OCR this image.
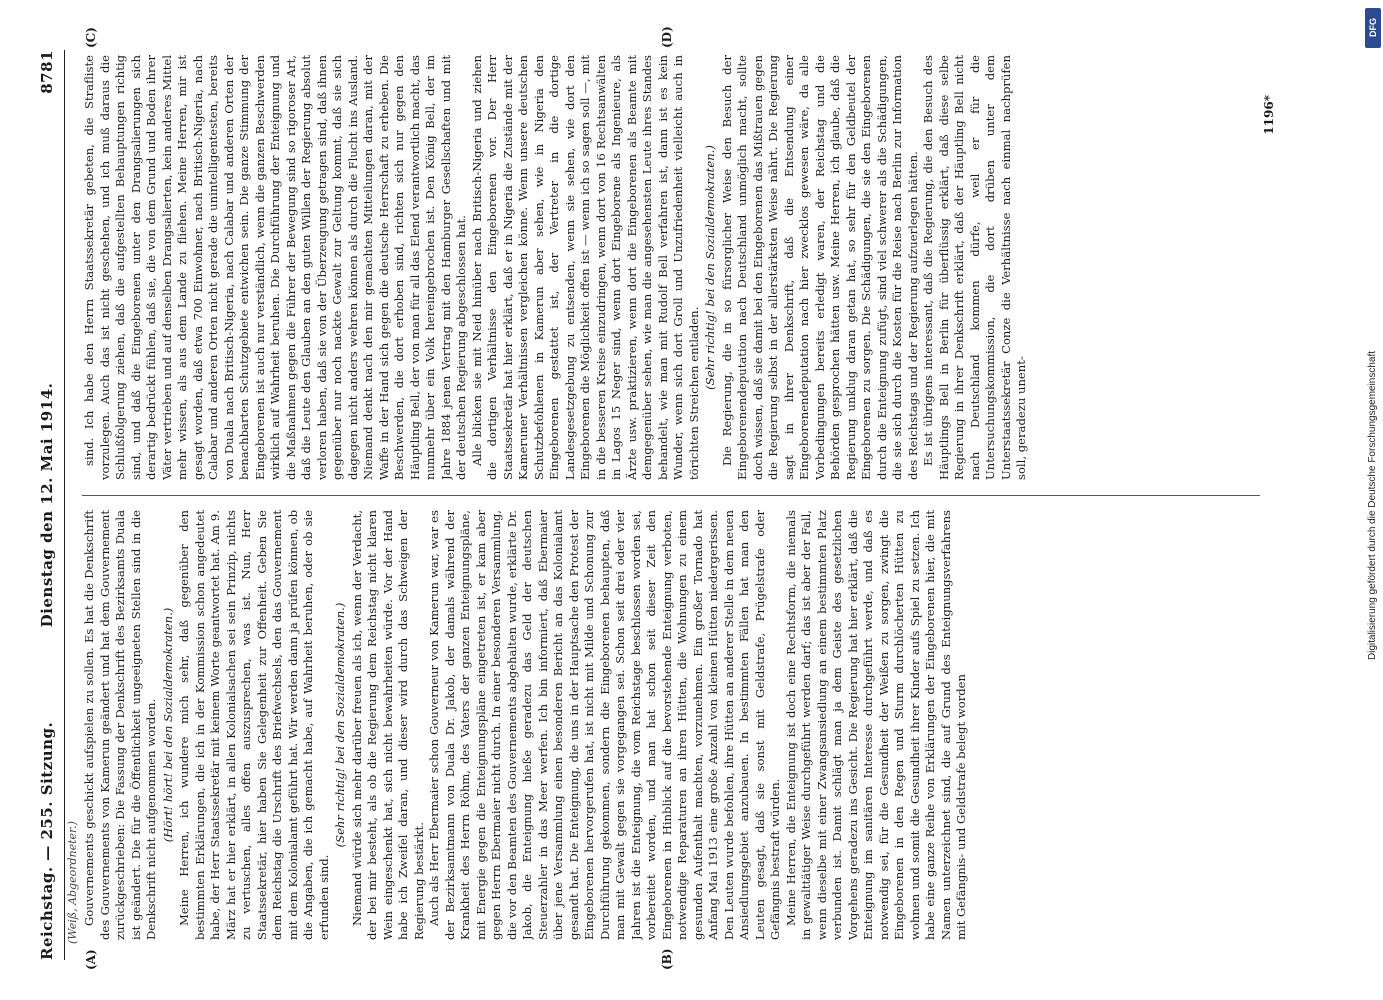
Reichstag. — 255. Sitzung.
Dienstag den 12. Mai 1914.
8781
(Weiß, Abgeordneter.)
(A)	(B)
(C)	(D)

Gouvernements geschickt aufspielen zu sollen. Es hat die Denkschrift des Gouvernements von Kamerun geändert und hat dem Gouvernement zurückgeschrieben: Die Fassung der Denkschrift des Bezirksamts Duala ist geändert. Die für die Öffentlichkeit ungeeigneten Stellen sind in die Denkschrift nicht aufgenommen worden. (Hört! hört! bei den Sozialdemokraten.) Meine Herren, ich wundere mich sehr, daß gegenüber den bestimmten Erklärungen, die ich in der Kommission schon angedeutet habe, der Herr Staatssekretär mit keinem Worte geantwortet hat. Am 9. März hat er hier erklärt, in allen Kolonialsachen sei sein Prinzip, nichts zu vertuschen, alles offen auszusprechen, was ist. Nun, Herr Staatssekretär, hier haben Sie Gelegenheit zur Offenheit. Geben Sie dem Reichstag die Urschrift des Briefwechsels, den das Gouvernement mit dem Kolonialamt geführt hat. Wir werden dann ja prüfen können, ob die Angaben, die ich gemacht habe, auf Wahrheit beruhen, oder ob sie erfunden sind.

(Sehr richtig! bei den Sozialdemokraten.) Niemand würde sich mehr darüber freuen als ich, wenn der Verdacht, der bei mir besteht, als ob die Regierung dem Reichstag nicht klaren Wein eingeschenkt hat, sich nicht bewahrheiten würde. Vor der Hand habe ich Zweifel daran, und dieser wird durch das Schweigen der Regierung bestärkt. Auch als Herr Ebermaier schon Gouverneur von Kamerun war, war es der Bezirksamtmann von Duala Dr. Jakob, der damals während der Krankheit des Herrn Röhm, des Vaters der ganzen Enteignungspläne, mit Energie gegen die Enteignungspläne eingetreten ist, er kam aber gegen Herrn Ebermaier nicht durch. In einer besonderen Versammlung, die vor den Beamten des Gouvernements abgehalten wurde, erklärte Dr. Jakob, die Enteignung hieße geradezu das Geld der deutschen Steuerzahler in das Meer werfen. Ich bin informiert, daß Ebermaier über jene Versammlung einen besonderen Bericht an das Kolonialamt gesandt hat. Die Enteignung, die uns in der Hauptsache den Protest der Eingeborenen hervorgerufen hat, ist nicht mit Milde und Schonung zur Durchführung gekommen, sondern die Eingeborenen behaupten, daß man mit Gewalt gegen sie vorgegangen sei. Schon seit drei oder vier Jahren ist die Enteignung, die vom Reichstage beschlossen worden sei, vorbereitet worden, und man hat schon seit dieser Zeit den Eingeborenen in Hinblick auf die bevorstehende Enteignung verboten, notwendige Reparaturen an ihren Hütten, die Wohnungen zu einem gesunden Aufenthalt machten, vorzunehmen. Ein großer Tornado hat Anfang Mai 1913 eine große Anzahl von kleinen Hütten niedergerissen. Den Leuten wurde befohlen, ihre Hütten an anderer Stelle in dem neuen Ansiedlungsgebiet anzubauen. In bestimmten Fällen hat man den Leuten gesagt, daß sie sonst mit Geldstrafe, Prügelstrafe oder Gefängnis bestraft würden. Meine Herren, die Enteignung ist doch eine Rechtsform, die niemals in gewalttätiger Weise durchgeführt werden darf; das ist aber der Fall, wenn dieselbe mit einer Zwangsansiedlung an einem bestimmten Platz verbunden ist. Damit schlägt man ja dem Geiste des gesetzlichen Vorgehens geradezu ins Gesicht. Die Regierung hat hier erklärt, daß die Enteignung im sanitären Interesse durchgeführt werde, und daß es notwendig sei, für die Gesundheit der Weißen zu sorgen, zwingt die Eingeborenen in den Regen und Sturm durchlöcherten Hütten zu wohnen und somit die Gesundheit ihrer Kinder aufs Spiel zu setzen. Ich habe eine ganze Reihe von Erklärungen der Eingeborenen hier, die mit Namen unterzeichnet sind, die auf Grund des Enteignungsverfahrens mit Gefängnis- und Geldstrafe belegt worden

sind. Ich habe den Herrn Staatssekretär gebeten, die Strafliste vorzulegen. Auch das ist nicht geschehen, und ich muß daraus die Schlußfolgerung ziehen, daß die aufgestellten Behauptungen richtig sind, und daß die Eingeborenen unter den Drangsalierungen sich derartig bedrückt fühlen, daß sie, die von dem Grund und Boden ihrer Väter vertrieben und auf denselben Drangsalierten, kein anderes Mittel mehr wissen, als aus dem Lande zu fliehen. Meine Herren, mir ist gesagt worden, daß etwa 700 Einwohner, nach Britisch-Nigeria, nach Calabar und anderen Orten nicht gerade die unintelligentesten, bereits von Duala nach Britisch-Nigeria, nach Calabar und anderen Orten der benachbarten Schutzgebiete entwichen sein. Die ganze Stimmung der Eingeborenen ist auch nur verständlich, wenn die ganzen Beschwerden wirklich auf Wahrheit beruhen. Die Durchführung der Enteignung und die Maßnahmen gegen die Führer der Bewegung sind so rigoroser Art, daß die Leute den Glauben an den guten Willen der Regierung absolut verloren haben, daß sie von der Überzeugung getragen sind, daß ihnen gegenüber nur noch nackte Gewalt zur Geltung kommt, daß sie sich dagegen nicht anders wehren können als durch die Flucht ins Ausland. Niemand denkt nach den mir gemachten Mitteilungen daran, mit der Waffe in der Hand sich gegen die deutsche Herrschaft zu erheben. Die Beschwerden, die dort erhoben sind, richten sich nur gegen den Häuptling Bell, der von man für all das Elend verantwortlich macht, das nunmehr über ein Volk hereingebrochen ist. Den König Bell, der im Jahre 1884 jenen Vertrag mit den Hamburger Gesellschaften und mit der deutschen Regierung abgeschlossen hat. Alle blicken sie mit Neid hinüber nach Britisch-Nigeria und ziehen die dortigen Verhältnisse den Eingeborenen vor. Der Herr Staatssekretär hat hier erklärt, daß er in Nigeria die Zustände mit der Kameruner Verhältnissen vergleichen könne. Wenn unsere deutschen Schutzbefohlenen in Kamerun aber sehen, wie in Nigeria den Eingeborenen gestattet ist, der Vertreter in die dortige Landesgesetzgebung zu entsenden, wenn sie sehen, wie dort den Eingeborenen die Möglichkeit offen ist — wenn ich so sagen soll —, mit in die besseren Kreise einzudringen, wenn dort von 16 Rechtsanwälten in Lagos 15 Neger sind, wenn dort Eingeborene als Ingenieure, als Ärzte usw. praktizieren, wenn dort die Eingeborenen als Beamte mit demgegenüber sehen, wie man die angesehensten Leute ihres Standes behandelt, wie man mit Rudolf Bell verfahren ist, dann ist es kein Wunder, wenn sich dort Groll und Unzufriedenheit vielleicht auch in törichten Streichen entladen.

(Sehr richtig! bei den Sozialdemokraten.) Die Regierung, die in so fürsorglicher Weise den Besuch der Eingeborenendeputation nach Deutschland unmöglich macht, sollte doch wissen, daß sie damit bei den Eingeborenen das Mißtrauen gegen die Regierung selbst in der allerstärksten Weise nährt. Die Regierung sagt in ihrer Denkschrift, daß die Entsendung einer Eingeborenendeputation nach hier zwecklos gewesen wäre, da alle Vorbedingungen bereits erledigt waren, der Reichstag und die Behörden gesprochen hätten usw. Meine Herren, ich glaube, daß die Regierung unklug daran getan hat, so sehr für den Geldbeutel der Eingeborenen zu sorgen. Die Schädigungen, die sie den Eingeborenen durch die Enteignung zufügt, sind viel schwerer als die Schädigungen, die sie sich durch die Kosten für die Reise nach Berlin zur Information des Reichstags und der Regierung aufzuerlegen hätten. Es ist übrigens interessant, daß die Regierung, die den Besuch des Häuptlings Bell in Berlin für überflüssig erklärt, daß diese selbe Regierung in ihrer Denkschrift erklärt, daß der Häuptling Bell nicht nach Deutschland kommen dürfe, weil er für die Untersuchungskommission, die dort drüben unter dem Unterstaatssekretär Conze die Verhältnisse nach einmal nachprüfen soll, geradezu unent-

1196*
DFG
Digitalisierung gefördert durch die Deutsche Forschungsgemeinschaft
